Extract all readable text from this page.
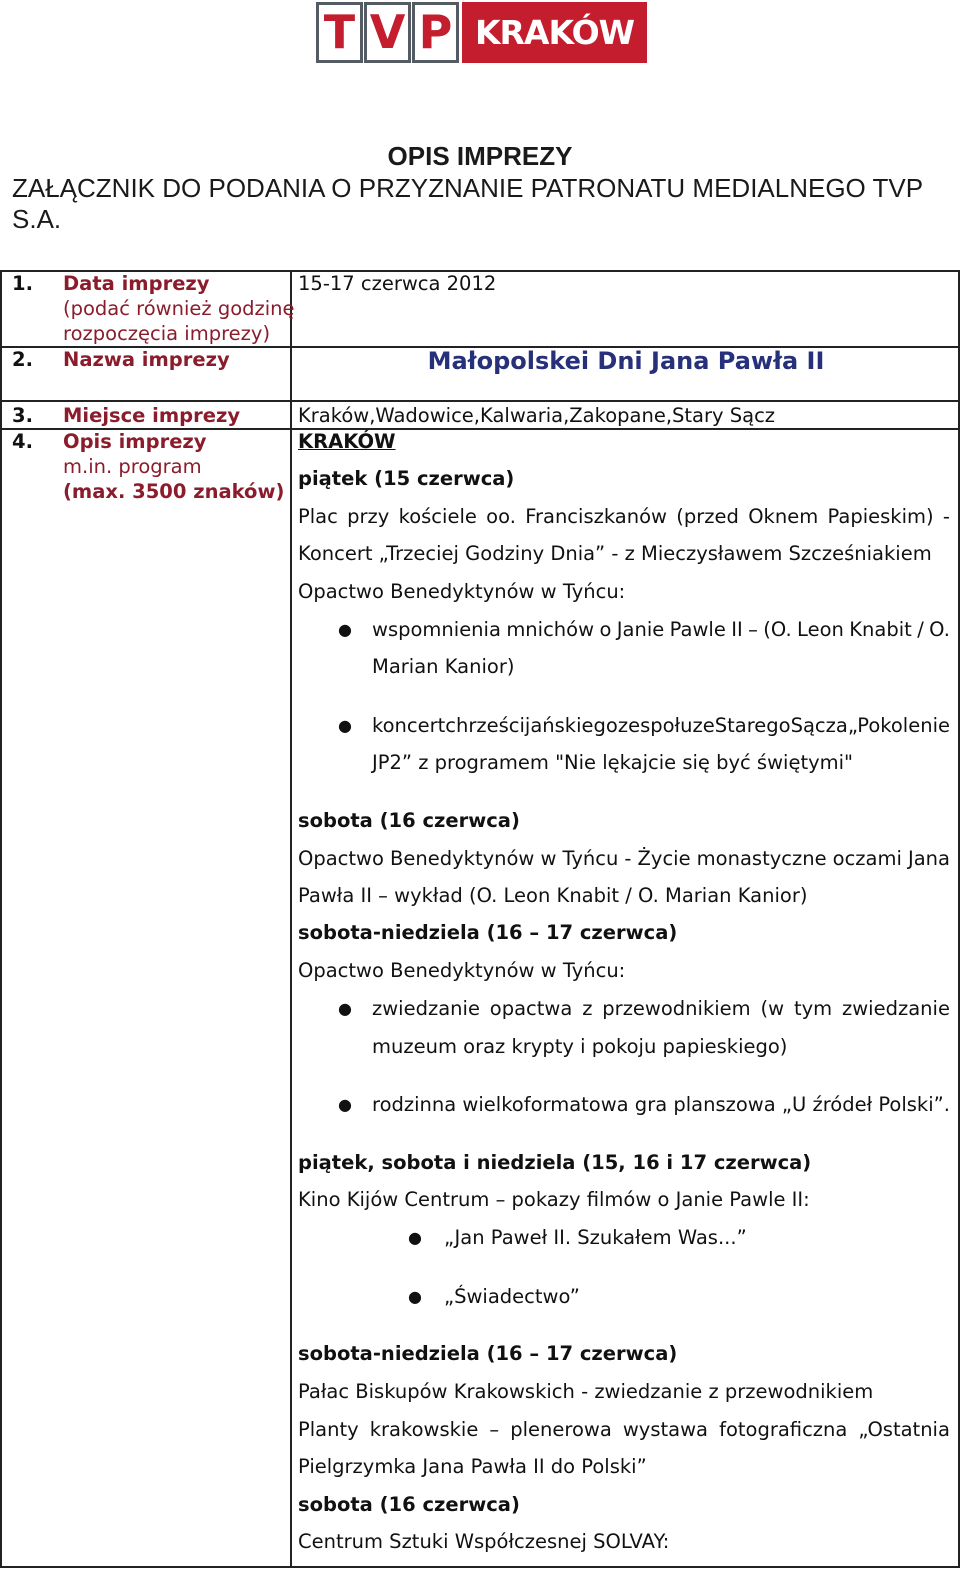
T V P KRAKÓW
OPIS IMPREZY
ZAŁĄCZNIK DO PODANIA O PRZYZNANIE PATRONATU MEDIALNEGO TVP S.A.
1. Data imprezy
(podać również godzinę
rozpoczęcia imprezy)
15-17 czerwca 2012
2. Nazwa imprezy	Małopolskei Dni Jana Pawła II
3. Miejsce imprezy	Kraków,Wadowice,Kalwaria,Zakopane,Stary Sącz
4. Opis imprezy
m.in. program
(max. 3500 znaków)
KRAKÓW
piątek (15 czerwca)
Plac przy kościele oo. Franciszkanów (przed Oknem Papieskim) -
Koncert „Trzeciej Godziny Dnia” - z Mieczysławem Szcześniakiem
Opactwo Benedyktynów w Tyńcu:
● wspomnienia mnichów o Janie Pawle II – (O. Leon Knabit / O.
Marian Kanior)
● koncert chrześcijańskiego zespołu ze Starego Sącza „Pokolenie
JP2” z programem "Nie lękajcie się być świętymi"
sobota (16 czerwca)
Opactwo Benedyktynów w Tyńcu - Życie monastyczne oczami Jana
Pawła II – wykład (O. Leon Knabit / O. Marian Kanior)
sobota-niedziela (16 – 17 czerwca)
Opactwo Benedyktynów w Tyńcu:
● zwiedzanie opactwa z przewodnikiem (w tym zwiedzanie
muzeum oraz krypty i pokoju papieskiego)
● rodzinna wielkoformatowa gra planszowa „U źródeł Polski”.
piątek, sobota i niedziela (15, 16 i 17 czerwca)
Kino Kijów Centrum – pokazy filmów o Janie Pawle II:
● „Jan Paweł II. Szukałem Was...”
● „Świadectwo”
sobota-niedziela (16 – 17 czerwca)
Pałac Biskupów Krakowskich - zwiedzanie z przewodnikiem
Planty krakowskie – plenerowa wystawa fotograficzna „Ostatnia
Pielgrzymka Jana Pawła II do Polski”
sobota (16 czerwca)
Centrum Sztuki Współczesnej SOLVAY:
